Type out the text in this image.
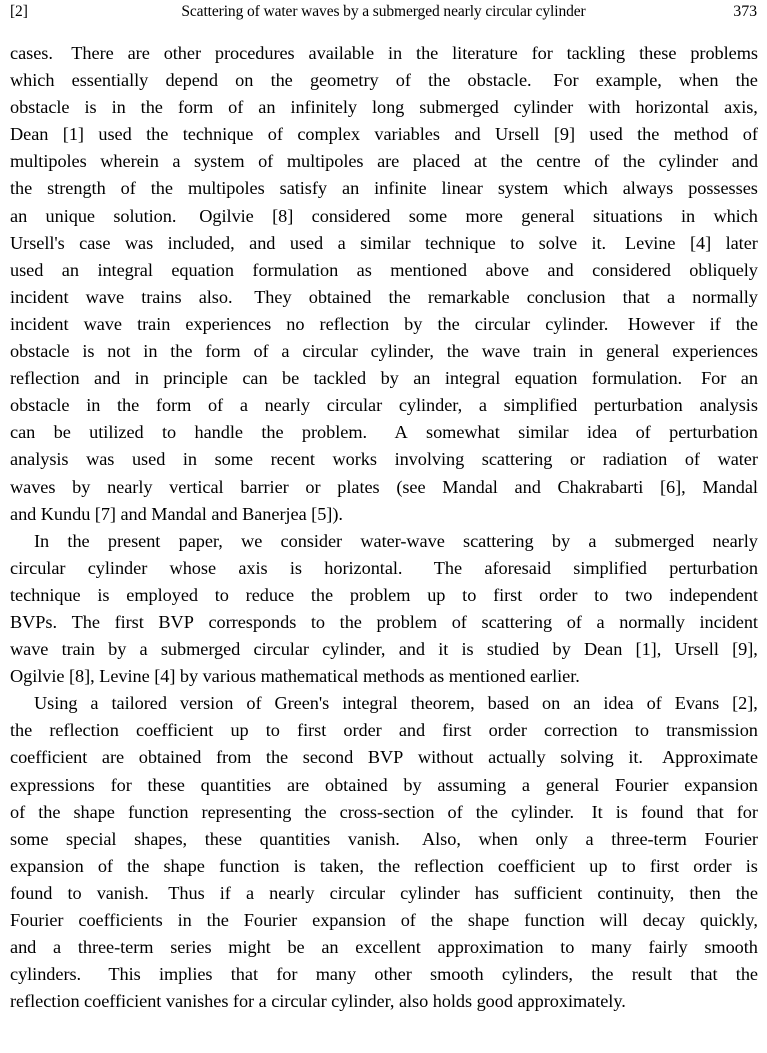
[2]	Scattering of water waves by a submerged nearly circular cylinder	373
cases. There are other procedures available in the literature for tackling these problems
which essentially depend on the geometry of the obstacle. For example, when the
obstacle is in the form of an infinitely long submerged cylinder with horizontal axis,
Dean [1] used the technique of complex variables and Ursell [9] used the method of
multipoles wherein a system of multipoles are placed at the centre of the cylinder and
the strength of the multipoles satisfy an infinite linear system which always possesses
an unique solution. Ogilvie [8] considered some more general situations in which
Ursell's case was included, and used a similar technique to solve it. Levine [4] later
used an integral equation formulation as mentioned above and considered obliquely
incident wave trains also. They obtained the remarkable conclusion that a normally
incident wave train experiences no reflection by the circular cylinder. However if the
obstacle is not in the form of a circular cylinder, the wave train in general experiences
reflection and in principle can be tackled by an integral equation formulation. For an
obstacle in the form of a nearly circular cylinder, a simplified perturbation analysis
can be utilized to handle the problem. A somewhat similar idea of perturbation
analysis was used in some recent works involving scattering or radiation of water
waves by nearly vertical barrier or plates (see Mandal and Chakrabarti [6], Mandal
and Kundu [7] and Mandal and Banerjea [5]).
In the present paper, we consider water-wave scattering by a submerged nearly
circular cylinder whose axis is horizontal. The aforesaid simplified perturbation
technique is employed to reduce the problem up to first order to two independent
BVPs. The first BVP corresponds to the problem of scattering of a normally incident
wave train by a submerged circular cylinder, and it is studied by Dean [1], Ursell [9],
Ogilvie [8], Levine [4] by various mathematical methods as mentioned earlier.
Using a tailored version of Green's integral theorem, based on an idea of Evans [2],
the reflection coefficient up to first order and first order correction to transmission
coefficient are obtained from the second BVP without actually solving it. Approximate
expressions for these quantities are obtained by assuming a general Fourier expansion
of the shape function representing the cross-section of the cylinder. It is found that for
some special shapes, these quantities vanish. Also, when only a three-term Fourier
expansion of the shape function is taken, the reflection coefficient up to first order is
found to vanish. Thus if a nearly circular cylinder has sufficient continuity, then the
Fourier coefficients in the Fourier expansion of the shape function will decay quickly,
and a three-term series might be an excellent approximation to many fairly smooth
cylinders. This implies that for many other smooth cylinders, the result that the
reflection coefficient vanishes for a circular cylinder, also holds good approximately.
